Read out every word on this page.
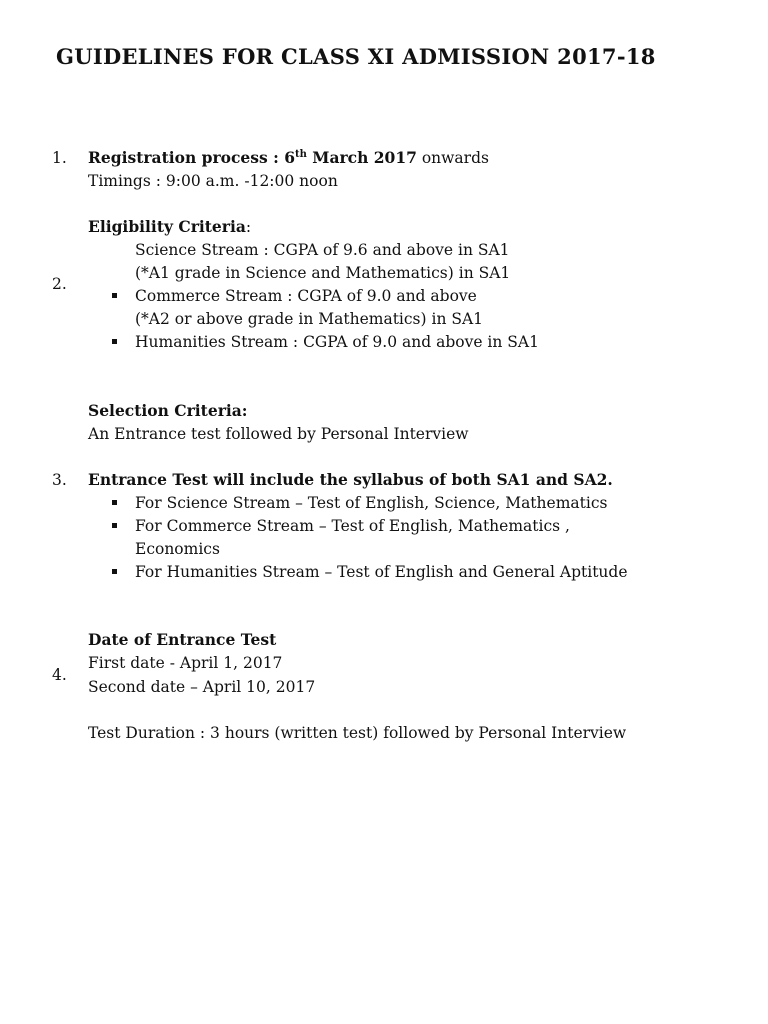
GUIDELINES FOR CLASS XI ADMISSION 2017-18
1. Registration process : 6th March 2017 onwards
Timings : 9:00 a.m. -12:00 noon
Eligibility Criteria:
Science Stream : CGPA of 9.6 and above in SA1
(*A1 grade in Science and Mathematics) in SA1
2.
Commerce Stream : CGPA of 9.0 and above
(*A2 or above grade in Mathematics) in SA1
Humanities Stream : CGPA of 9.0 and above in SA1
Selection Criteria:
An Entrance test followed by Personal Interview
3. Entrance Test will include the syllabus of both SA1 and SA2.
For Science Stream – Test of English, Science, Mathematics
For Commerce Stream – Test of English, Mathematics ,
Economics
For Humanities Stream – Test of English and General Aptitude
Date of Entrance Test
First date - April 1, 2017
4.
Second date – April 10, 2017
Test Duration : 3 hours (written test) followed by Personal Interview
